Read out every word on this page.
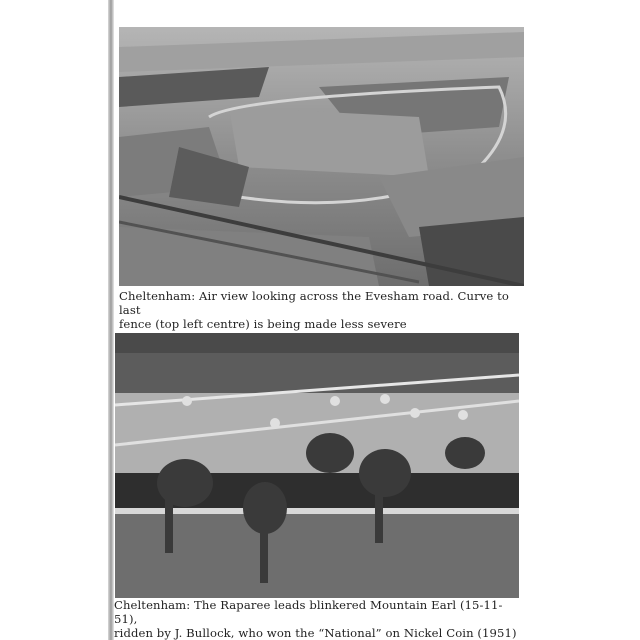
Cheltenham: Air view looking across the Evesham road. Curve to last
fence (top left centre) is being made less severe
Cheltenham: The Raparee leads blinkered Mountain Earl (15-11-51),
ridden by J. Bullock, who won the “National” on Nickel Coin (1951)
